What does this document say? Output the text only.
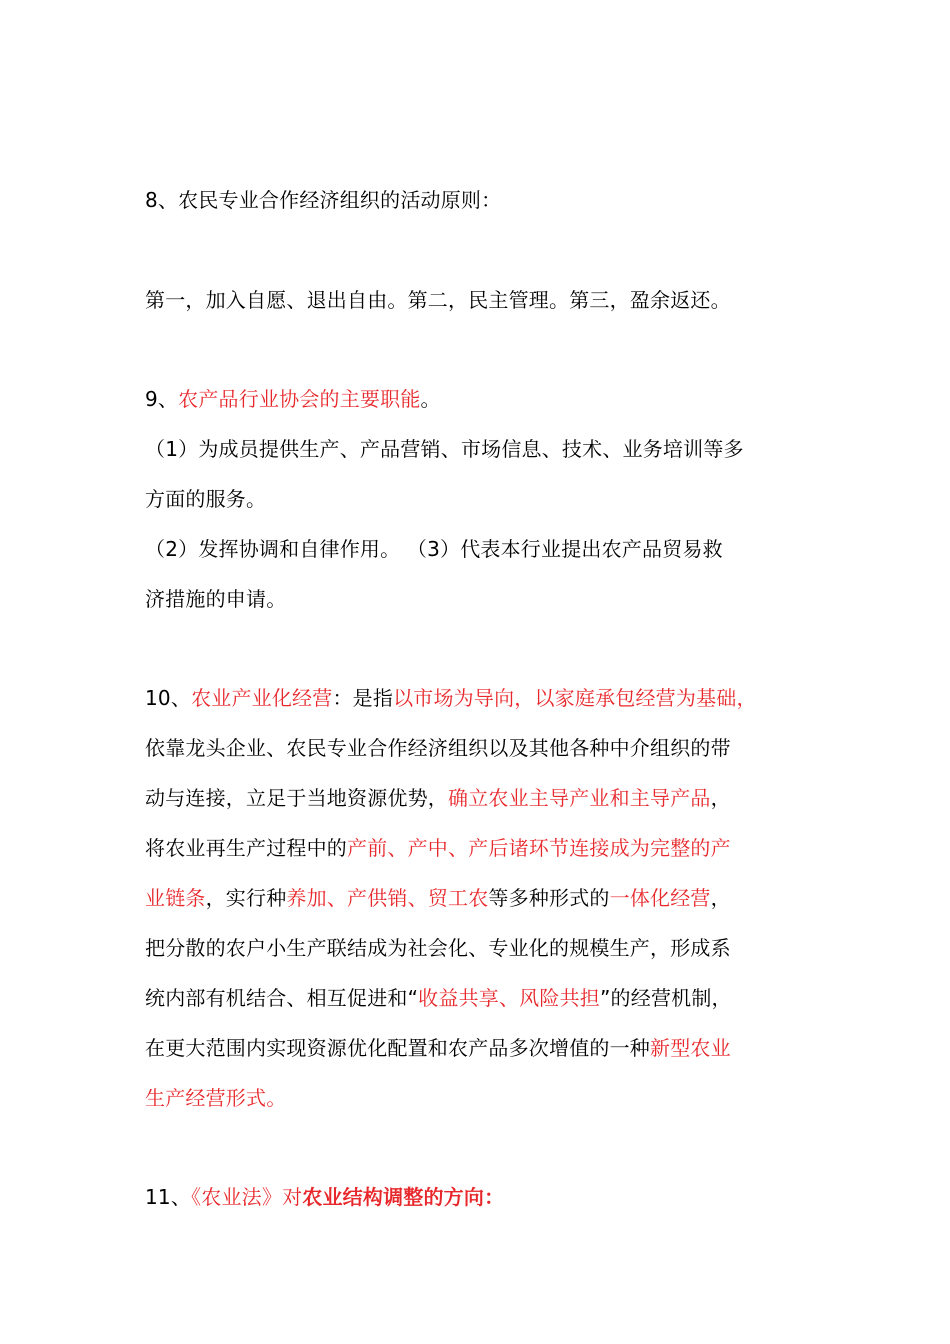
8、农民专业合作经济组织的活动原则：
第一，加入自愿、退出自由。第二，民主管理。第三，盈余返还。
9、农产品行业协会的主要职能。
（1）为成员提供生产、产品营销、市场信息、技术、业务培训等多
方面的服务。
（2）发挥协调和自律作用。 （3）代表本行业提出农产品贸易救
济措施的申请。
10、农业产业化经营：是指以市场为导向，以家庭承包经营为基础，
依靠龙头企业、农民专业合作经济组织以及其他各种中介组织的带
动与连接，立足于当地资源优势，确立农业主导产业和主导产品，
将农业再生产过程中的产前、产中、产后诸环节连接成为完整的产
业链条，实行种养加、产供销、贸工农等多种形式的一体化经营，
把分散的农户小生产联结成为社会化、专业化的规模生产，形成系
统内部有机结合、相互促进和“收益共享、风险共担”的经营机制，
在更大范围内实现资源优化配置和农产品多次增值的一种新型农业
生产经营形式。
11、《农业法》对农业结构调整的方向：
